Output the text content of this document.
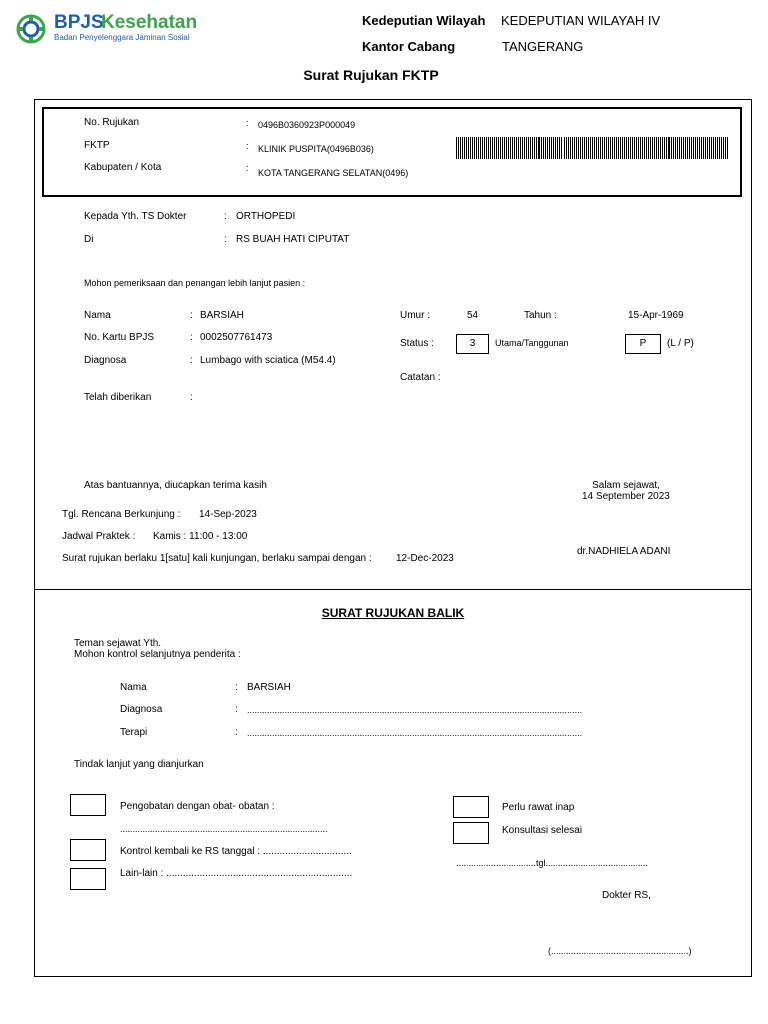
BPJS
Kesehatan
Badan Penyelenggara Jaminan Sosial
Kedeputian Wilayah KEDEPUTIAN WILAYAH IV
Kantor Cabang	TANGERANG
Surat Rujukan FKTP
No. Rujukan	: 0496B0360923P000049
FKTP	: KLINIK PUSPITA(0496B036)
Kabupaten / Kota	: KOTA TANGERANG SELATAN(0496)
Kepada Yth. TS Dokter	: ORTHOPEDI
Di	: RS BUAH HATI CIPUTAT
Mohon pemeriksaan dan penangan lebih lanjut pasien :
Nama	: BARSIAH
No. Kartu BPJS	: 0002507761473
Diagnosa	: Lumbago with sciatica (M54.4)
Telah diberikan	:
Umur :	54	Tahun :	15-Apr-1969
Status :	3	Utama/Tanggunan	P	(L / P)
Catatan :
Atas bantuannya, diucapkan terima kasih	Salam sejawat,
14 September 2023
Tgl. Rencana Berkunjung : 14-Sep-2023
Jadwal Praktek : Kamis : 11:00 - 13:00
Surat rujukan berlaku 1[satu] kali kunjungan, berlaku sampai dengan : 12-Dec-2023
dr.NADHIELA ADANI
SURAT RUJUKAN BALIK
Teman sejawat Yth.
Mohon kontrol selanjutnya penderita :
Nama	: BARSIAH
Diagnosa	: ......................................................................................................................................
Terapi	: ......................................................................................................................................
Tindak lanjut yang dianjurkan
Pengobatan dengan obat- obatan :
...................................................................................
Kontrol kembali ke RS tanggal : ................................
Lain-lain : ...................................................................
Perlu rawat inap
Konsultasi selesai
................................tgl.........................................
Dokter RS,
(.......................................................)
